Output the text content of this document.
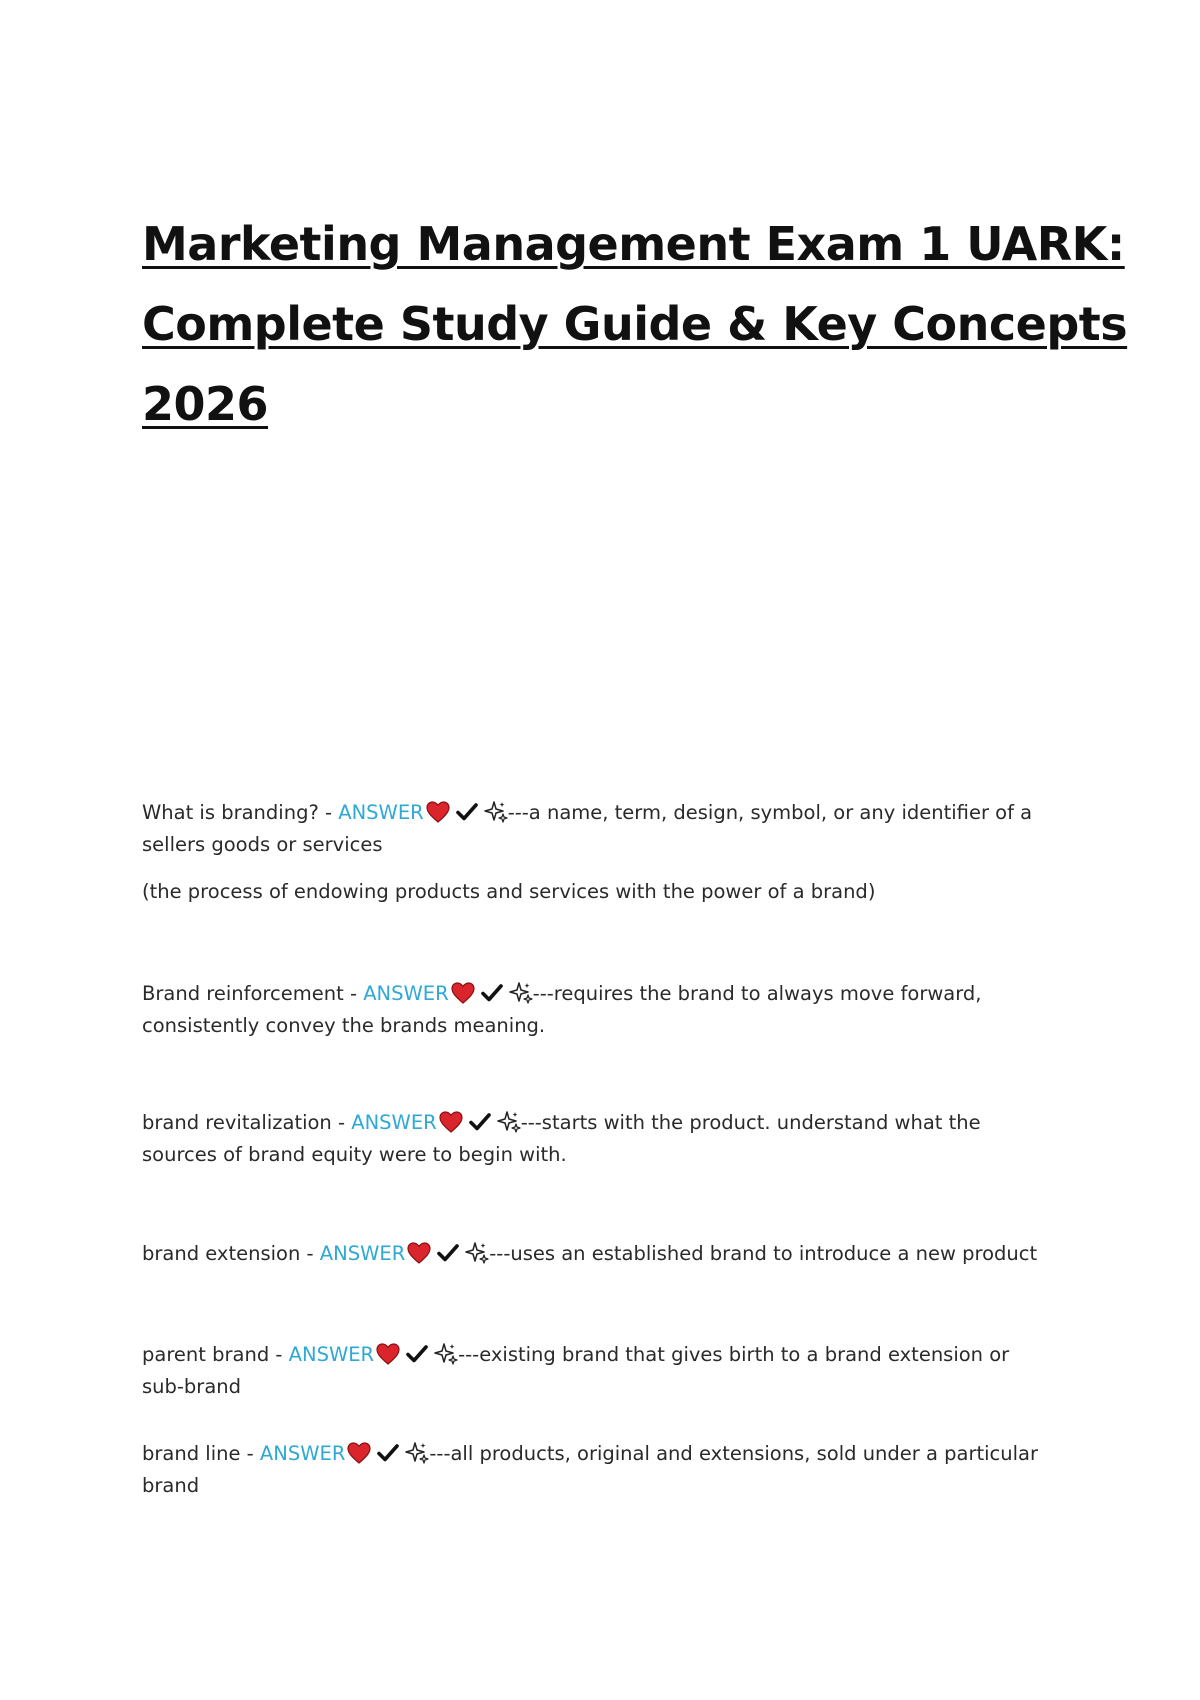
Marketing Management Exam 1 UARK:
Complete Study Guide & Key Concepts
2026

What is branding? - ANSWER	---a name, term, design, symbol, or any identifier of a sellers goods or services

(the process of endowing products and services with the power of a brand)

Brand reinforcement - ANSWER	---requires the brand to always move forward, consistently convey the brands meaning.

brand revitalization - ANSWER	---starts with the product. understand what the sources of brand equity were to begin with.

brand extension - ANSWER	---uses an established brand to introduce a new product

parent brand - ANSWER	---existing brand that gives birth to a brand extension or sub-brand

brand line - ANSWER	---all products, original and extensions, sold under a particular brand
